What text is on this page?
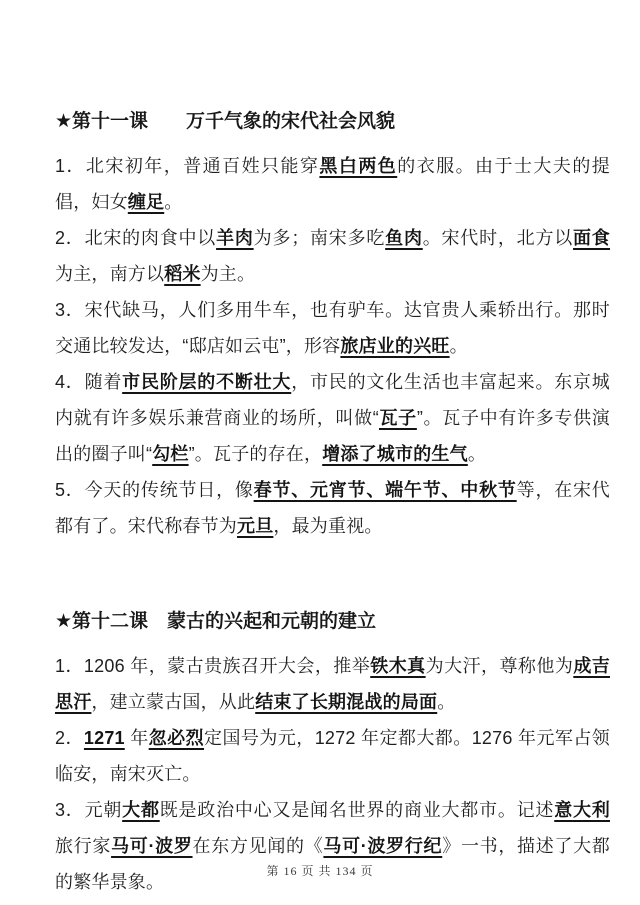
★第十一课　　万千气象的宋代社会风貌

1．北宋初年，普通百姓只能穿黑白两色的衣服。由于士大夫的提倡，妇女缠足。

2．北宋的肉食中以羊肉为多；南宋多吃鱼肉。宋代时，北方以面食为主，南方以稻米为主。

3．宋代缺马，人们多用牛车，也有驴车。达官贵人乘轿出行。那时交通比较发达，“邸店如云屯”，形容旅店业的兴旺。

4．随着市民阶层的不断壮大，市民的文化生活也丰富起来。东京城内就有许多娱乐兼营商业的场所，叫做“瓦子”。瓦子中有许多专供演出的圈子叫“勾栏”。瓦子的存在，增添了城市的生气。

5．今天的传统节日，像春节、元宵节、端午节、中秋节等，在宋代都有了。宋代称春节为元旦，最为重视。

★第十二课　蒙古的兴起和元朝的建立

1．1206 年，蒙古贵族召开大会，推举铁木真为大汗，尊称他为成吉思汗，建立蒙古国，从此结束了长期混战的局面。

2．1271 年忽必烈定国号为元，1272 年定都大都。1276 年元军占领临安，南宋灭亡。

3．元朝大都既是政治中心又是闻名世界的商业大都市。记述意大利旅行家马可·波罗在东方见闻的《马可·波罗行纪》一书，描述了大都的繁华景象。

第 16 页 共 134 页
